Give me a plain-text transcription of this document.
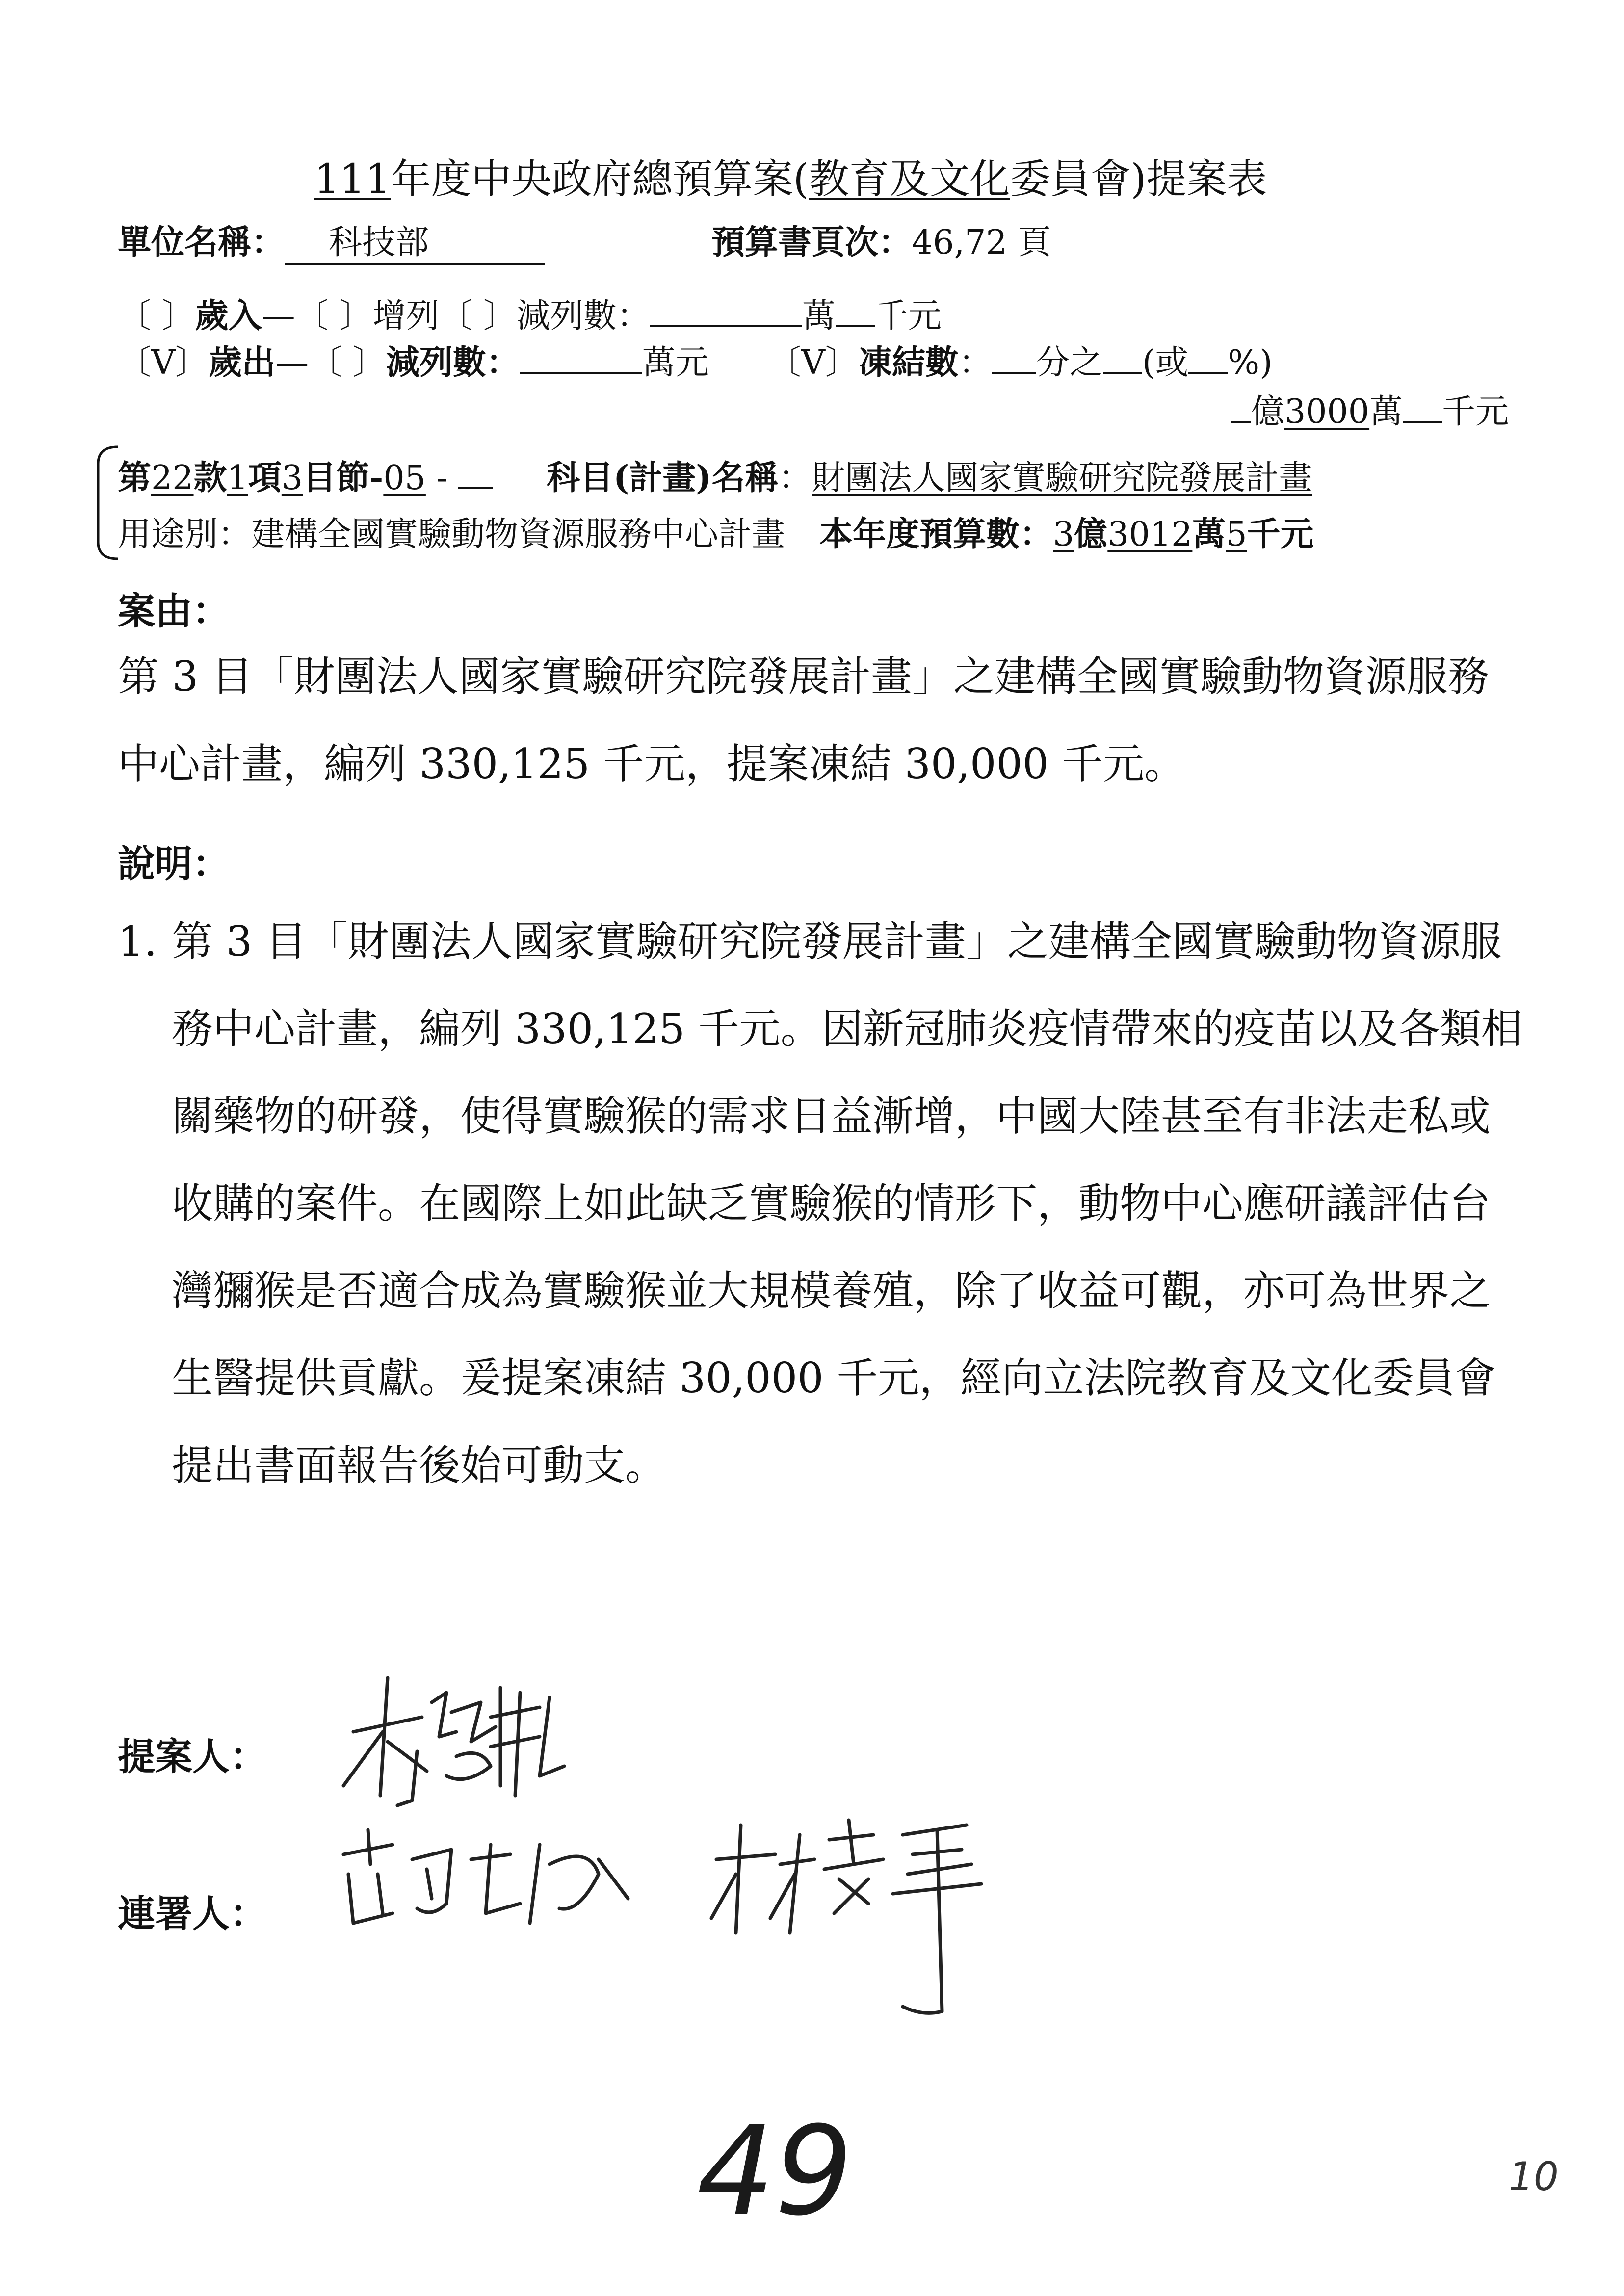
111年度中央政府總預算案(教育及文化委員會)提案表
單位名稱： 科技部	預算書頁次：46,72 頁
〔 〕歲入—〔 〕增列〔 〕減列數：	萬 千元
〔V〕歲出—〔 〕減列數：	萬元 〔V〕凍結數： 分之 (或 %)
億3000萬 千元
第22款1項3目節-05 -	科目(計畫)名稱：財團法人國家實驗研究院發展計畫
用途別：建構全國實驗動物資源服務中心計畫 本年度預算數：3億3012萬5千元
案由：
第 3 目「財團法人國家實驗研究院發展計畫」之建構全國實驗動物資源服務
中心計畫，編列 330,125 千元，提案凍結 30,000 千元。
說明：
1. 第 3 目「財團法人國家實驗研究院發展計畫」之建構全國實驗動物資源服
務中心計畫，編列 330,125 千元。因新冠肺炎疫情帶來的疫苗以及各類相
關藥物的研發，使得實驗猴的需求日益漸增，中國大陸甚至有非法走私或
收購的案件。在國際上如此缺乏實驗猴的情形下，動物中心應研議評估台
灣獼猴是否適合成為實驗猴並大規模養殖，除了收益可觀，亦可為世界之
生醫提供貢獻。爰提案凍結 30,000 千元，經向立法院教育及文化委員會
提出書面報告後始可動支。
提案人：
連署人：
49	10
